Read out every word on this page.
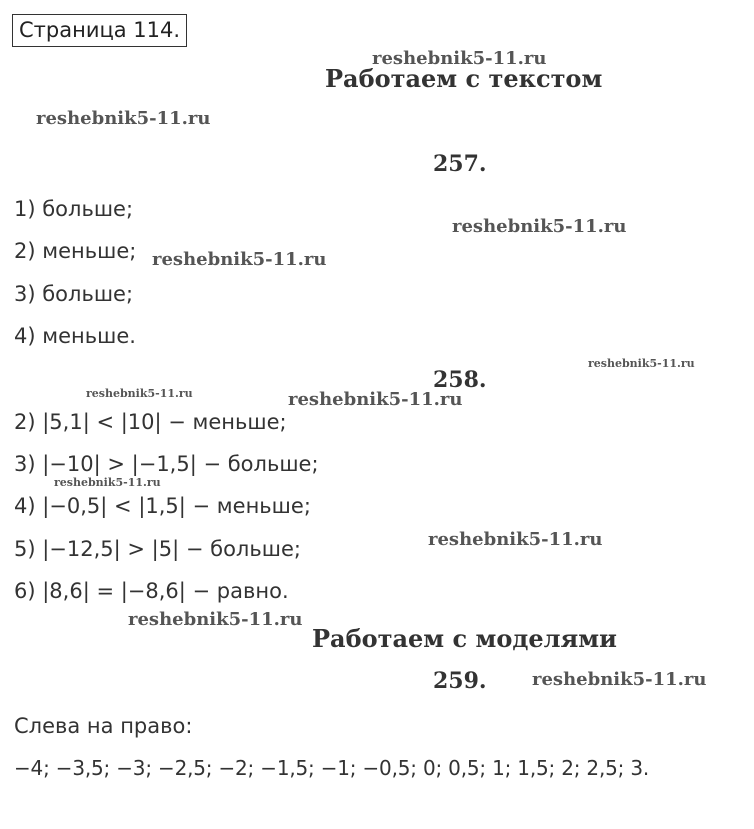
Страница 114.
reshebnik5-11.ru
reshebnik5-11.ru
reshebnik5-11.ru
reshebnik5-11.ru
reshebnik5-11.ru
reshebnik5-11.ru	reshebnik5-11.ru
reshebnik5-11.ru
reshebnik5-11.ru
reshebnik5-11.ru
reshebnik5-11.ru
Работаем с текстом
257.
1) больше;
2) меньше;
3) больше;
4) меньше.
258.
2) |5,1| < |10| − меньше;
3) |−10| > |−1,5| − больше;
4) |−0,5| < |1,5| − меньше;
5) |−12,5| > |5| − больше;
6) |8,6| = |−8,6| − равно.
Работаем с моделями
259.
Слева на право:
−4; −3,5; −3; −2,5; −2; −1,5; −1; −0,5; 0; 0,5; 1; 1,5; 2; 2,5; 3.
